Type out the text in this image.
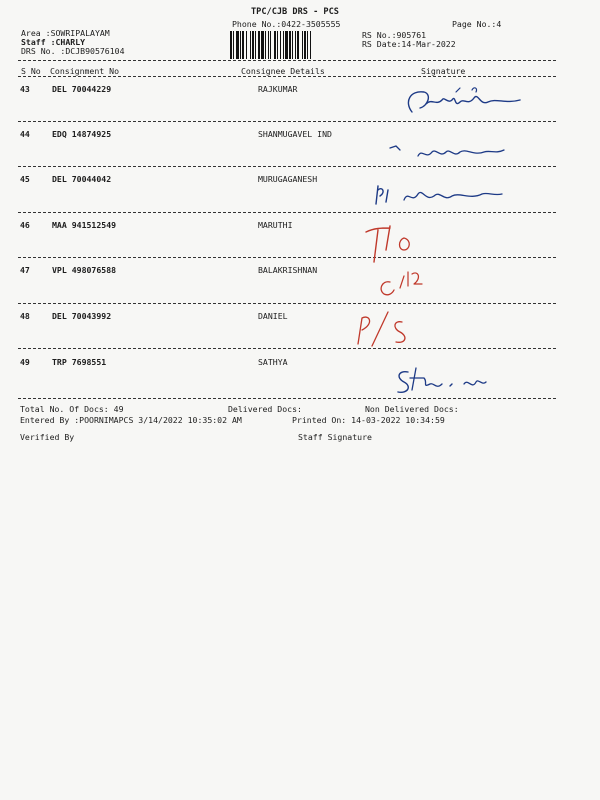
TPC/CJB DRS - PCS
Phone No.:0422-3505555	Page No.:4
Area :SOWRIPALAYAM
Staff :CHARLY
DRS No. :DCJB90576104
RS No.:905761
RS Date:14-Mar-2022
S No Consignment No	Consignee Details	Signature
43	DEL 70044229	RAJKUMAR
44	EDQ 14874925	SHANMUGAVEL IND
45	DEL 70044042	MURUGAGANESH
46	MAA 941512549	MARUTHI
47	VPL 498076588	BALAKRISHNAN
48	DEL 70043992	DANIEL
49	TRP 7698551	SATHYA
Total No. Of Docs: 49	Delivered Docs:	Non Delivered Docs:
Entered By :POORNIMAPCS 3/14/2022 10:35:02 AM	Printed On: 14-03-2022 10:34:59
Verified By	Staff Signature
